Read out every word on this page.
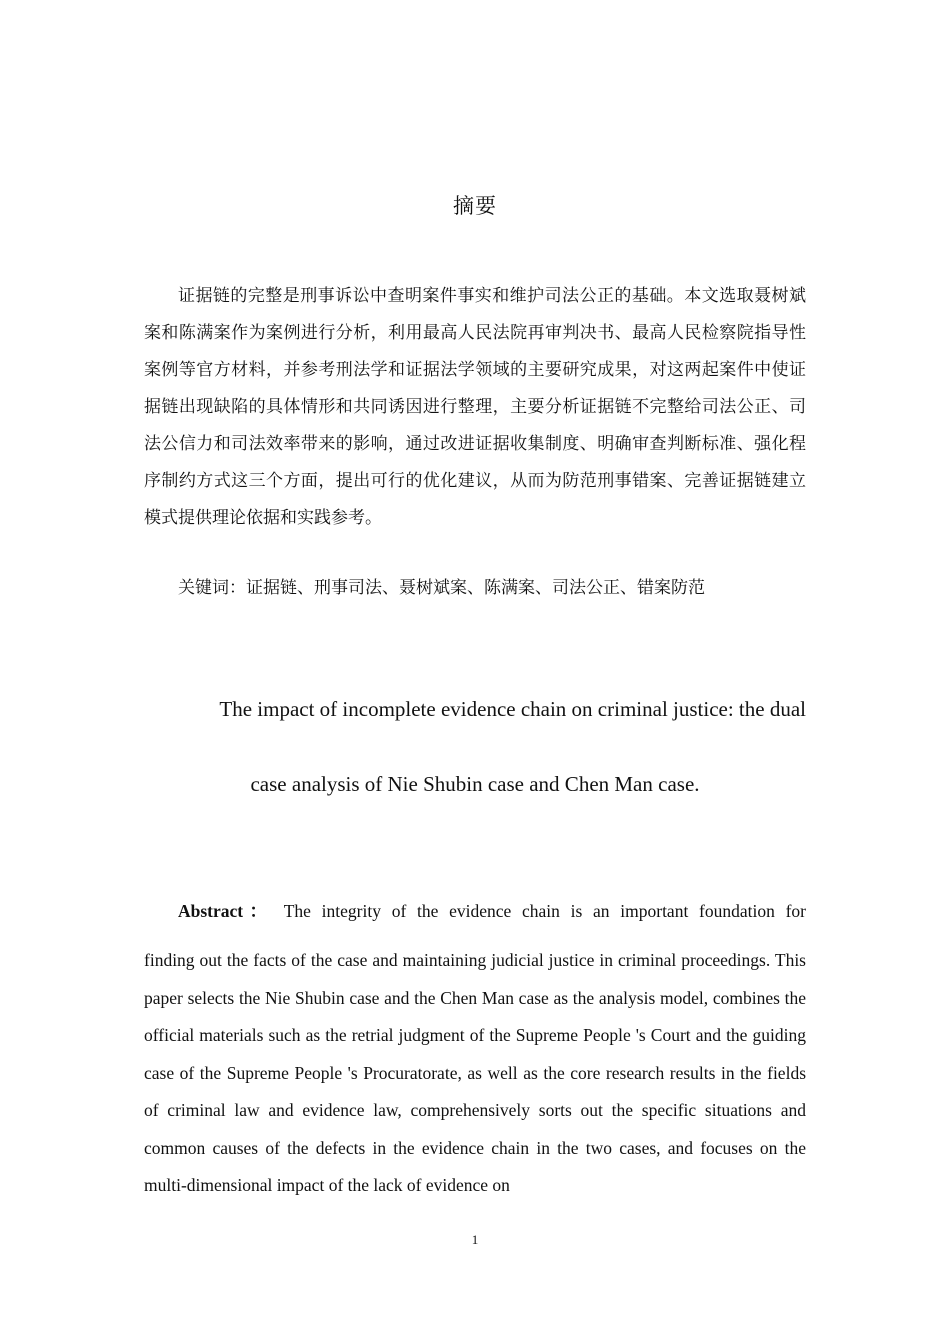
摘要

证据链的完整是刑事诉讼中查明案件事实和维护司法公正的基础。本文选取聂树斌案和陈满案作为案例进行分析，利用最高人民法院再审判决书、最高人民检察院指导性案例等官方材料，并参考刑法学和证据法学领域的主要研究成果，对这两起案件中使证据链出现缺陷的具体情形和共同诱因进行整理，主要分析证据链不完整给司法公正、司法公信力和司法效率带来的影响，通过改进证据收集制度、明确审查判断标准、强化程序制约方式这三个方面，提出可行的优化建议，从而为防范刑事错案、完善证据链建立模式提供理论依据和实践参考。

关键词：证据链、刑事司法、聂树斌案、陈满案、司法公正、错案防范

The impact of incomplete evidence chain on criminal justice: the dual

case analysis of Nie Shubin case and Chen Man case.

Abstract： The integrity of the evidence chain is an important foundation for
finding out the facts of the case and maintaining judicial justice in criminal proceedings. This paper selects the Nie Shubin case and the Chen Man case as the analysis model, combines the official materials such as the retrial judgment of the Supreme People 's Court and the guiding case of the Supreme People 's Procuratorate, as well as the core research results in the fields of criminal law and evidence law, comprehensively sorts out the specific situations and common causes of the defects in the evidence chain in the two cases, and focuses on the multi-dimensional impact of the lack of evidence on
1
